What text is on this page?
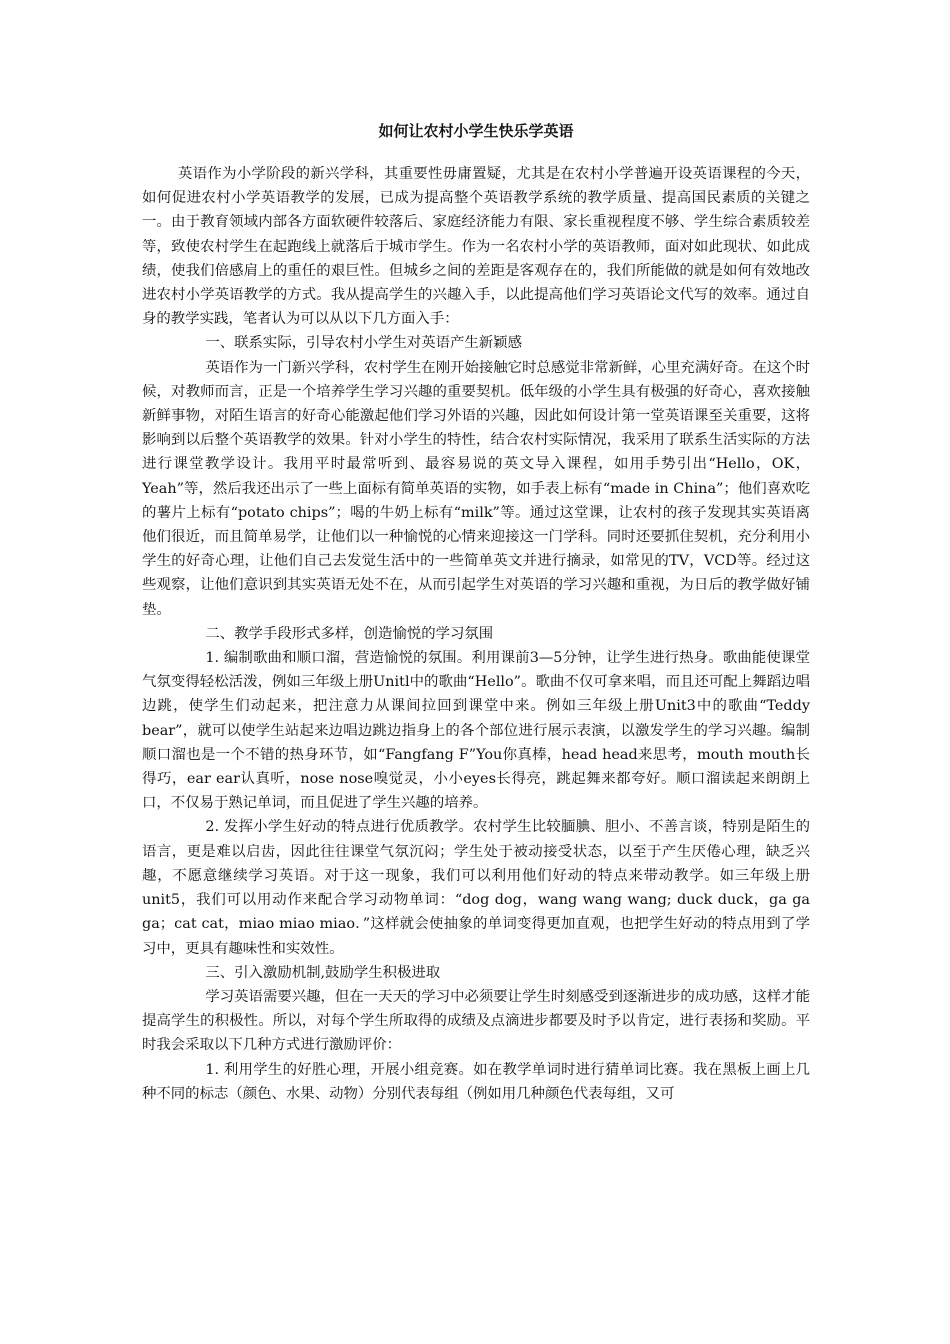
如何让农村小学生快乐学英语

英语作为小学阶段的新兴学科，其重要性毋庸置疑，尤其是在农村小学普遍开设英语课程的今天，如何促进农村小学英语教学的发展，已成为提高整个英语教学系统的教学质量、提高国民素质的关键之一。由于教育领域内部各方面软硬件较落后、家庭经济能力有限、家长重视程度不够、学生综合素质较差等，致使农村学生在起跑线上就落后于城市学生。作为一名农村小学的英语教师，面对如此现状、如此成绩，使我们倍感肩上的重任的艰巨性。但城乡之间的差距是客观存在的，我们所能做的就是如何有效地改进农村小学英语教学的方式。我从提高学生的兴趣入手，以此提高他们学习英语论文代写的效率。通过自身的教学实践，笔者认为可以从以下几方面入手：

一、联系实际，引导农村小学生对英语产生新颖感

英语作为一门新兴学科，农村学生在刚开始接触它时总感觉非常新鲜，心里充满好奇。在这个时候，对教师而言，正是一个培养学生学习兴趣的重要契机。低年级的小学生具有极强的好奇心，喜欢接触新鲜事物，对陌生语言的好奇心能激起他们学习外语的兴趣，因此如何设计第一堂英语课至关重要，这将影响到以后整个英语教学的效果。针对小学生的特性，结合农村实际情况，我采用了联系生活实际的方法进行课堂教学设计。我用平时最常听到、最容易说的英文导入课程，如用手势引出“Hello，OK，Yeah”等，然后我还出示了一些上面标有简单英语的实物，如手表上标有“made in China”；他们喜欢吃的薯片上标有“potato chips”；喝的牛奶上标有“milk”等。通过这堂课，让农村的孩子发现其实英语离他们很近，而且简单易学，让他们以一种愉悦的心情来迎接这一门学科。同时还要抓住契机，充分利用小学生的好奇心理，让他们自己去发觉生活中的一些简单英文并进行摘录，如常见的TV，VCD等。经过这些观察，让他们意识到其实英语无处不在，从而引起学生对英语的学习兴趣和重视，为日后的教学做好铺垫。

二、教学手段形式多样，创造愉悦的学习氛围

1. 编制歌曲和顺口溜，营造愉悦的氛围。利用课前3—5分钟，让学生进行热身。歌曲能使课堂气氛变得轻松活泼，例如三年级上册Unitl中的歌曲“Hello”。歌曲不仅可拿来唱，而且还可配上舞蹈边唱边跳，使学生们动起来，把注意力从课间拉回到课堂中来。例如三年级上册Unit3中的歌曲“Teddy bear”，就可以使学生站起来边唱边跳边指身上的各个部位进行展示表演，以激发学生的学习兴趣。编制顺口溜也是一个不错的热身环节，如“Fangfang F”You你真棒，head head来思考，mouth mouth长得巧，ear ear认真听，nose nose嗅觉灵，小小eyes长得亮，跳起舞来都夸好。顺口溜读起来朗朗上口，不仅易于熟记单词，而且促进了学生兴趣的培养。

2. 发挥小学生好动的特点进行优质教学。农村学生比较腼腆、胆小、不善言谈，特别是陌生的语言，更是难以启齿，因此往往课堂气氛沉闷；学生处于被动接受状态，以至于产生厌倦心理，缺乏兴趣，不愿意继续学习英语。对于这一现象，我们可以利用他们好动的特点来带动教学。如三年级上册unit5，我们可以用动作来配合学习动物单词：“dog dog，wang wang wang; duck duck，ga ga ga；cat cat，miao miao miao．”这样就会使抽象的单词变得更加直观，也把学生好动的特点用到了学习中，更具有趣味性和实效性。

三、引入激励机制,鼓励学生积极进取

学习英语需要兴趣，但在一天天的学习中必须要让学生时刻感受到逐渐进步的成功感，这样才能提高学生的积极性。所以，对每个学生所取得的成绩及点滴进步都要及时予以肯定，进行表扬和奖励。平时我会采取以下几种方式进行激励评价：

1. 利用学生的好胜心理，开展小组竞赛。如在教学单词时进行猜单词比赛。我在黑板上画上几种不同的标志（颜色、水果、动物）分别代表每组（例如用几种颜色代表每组，又可
